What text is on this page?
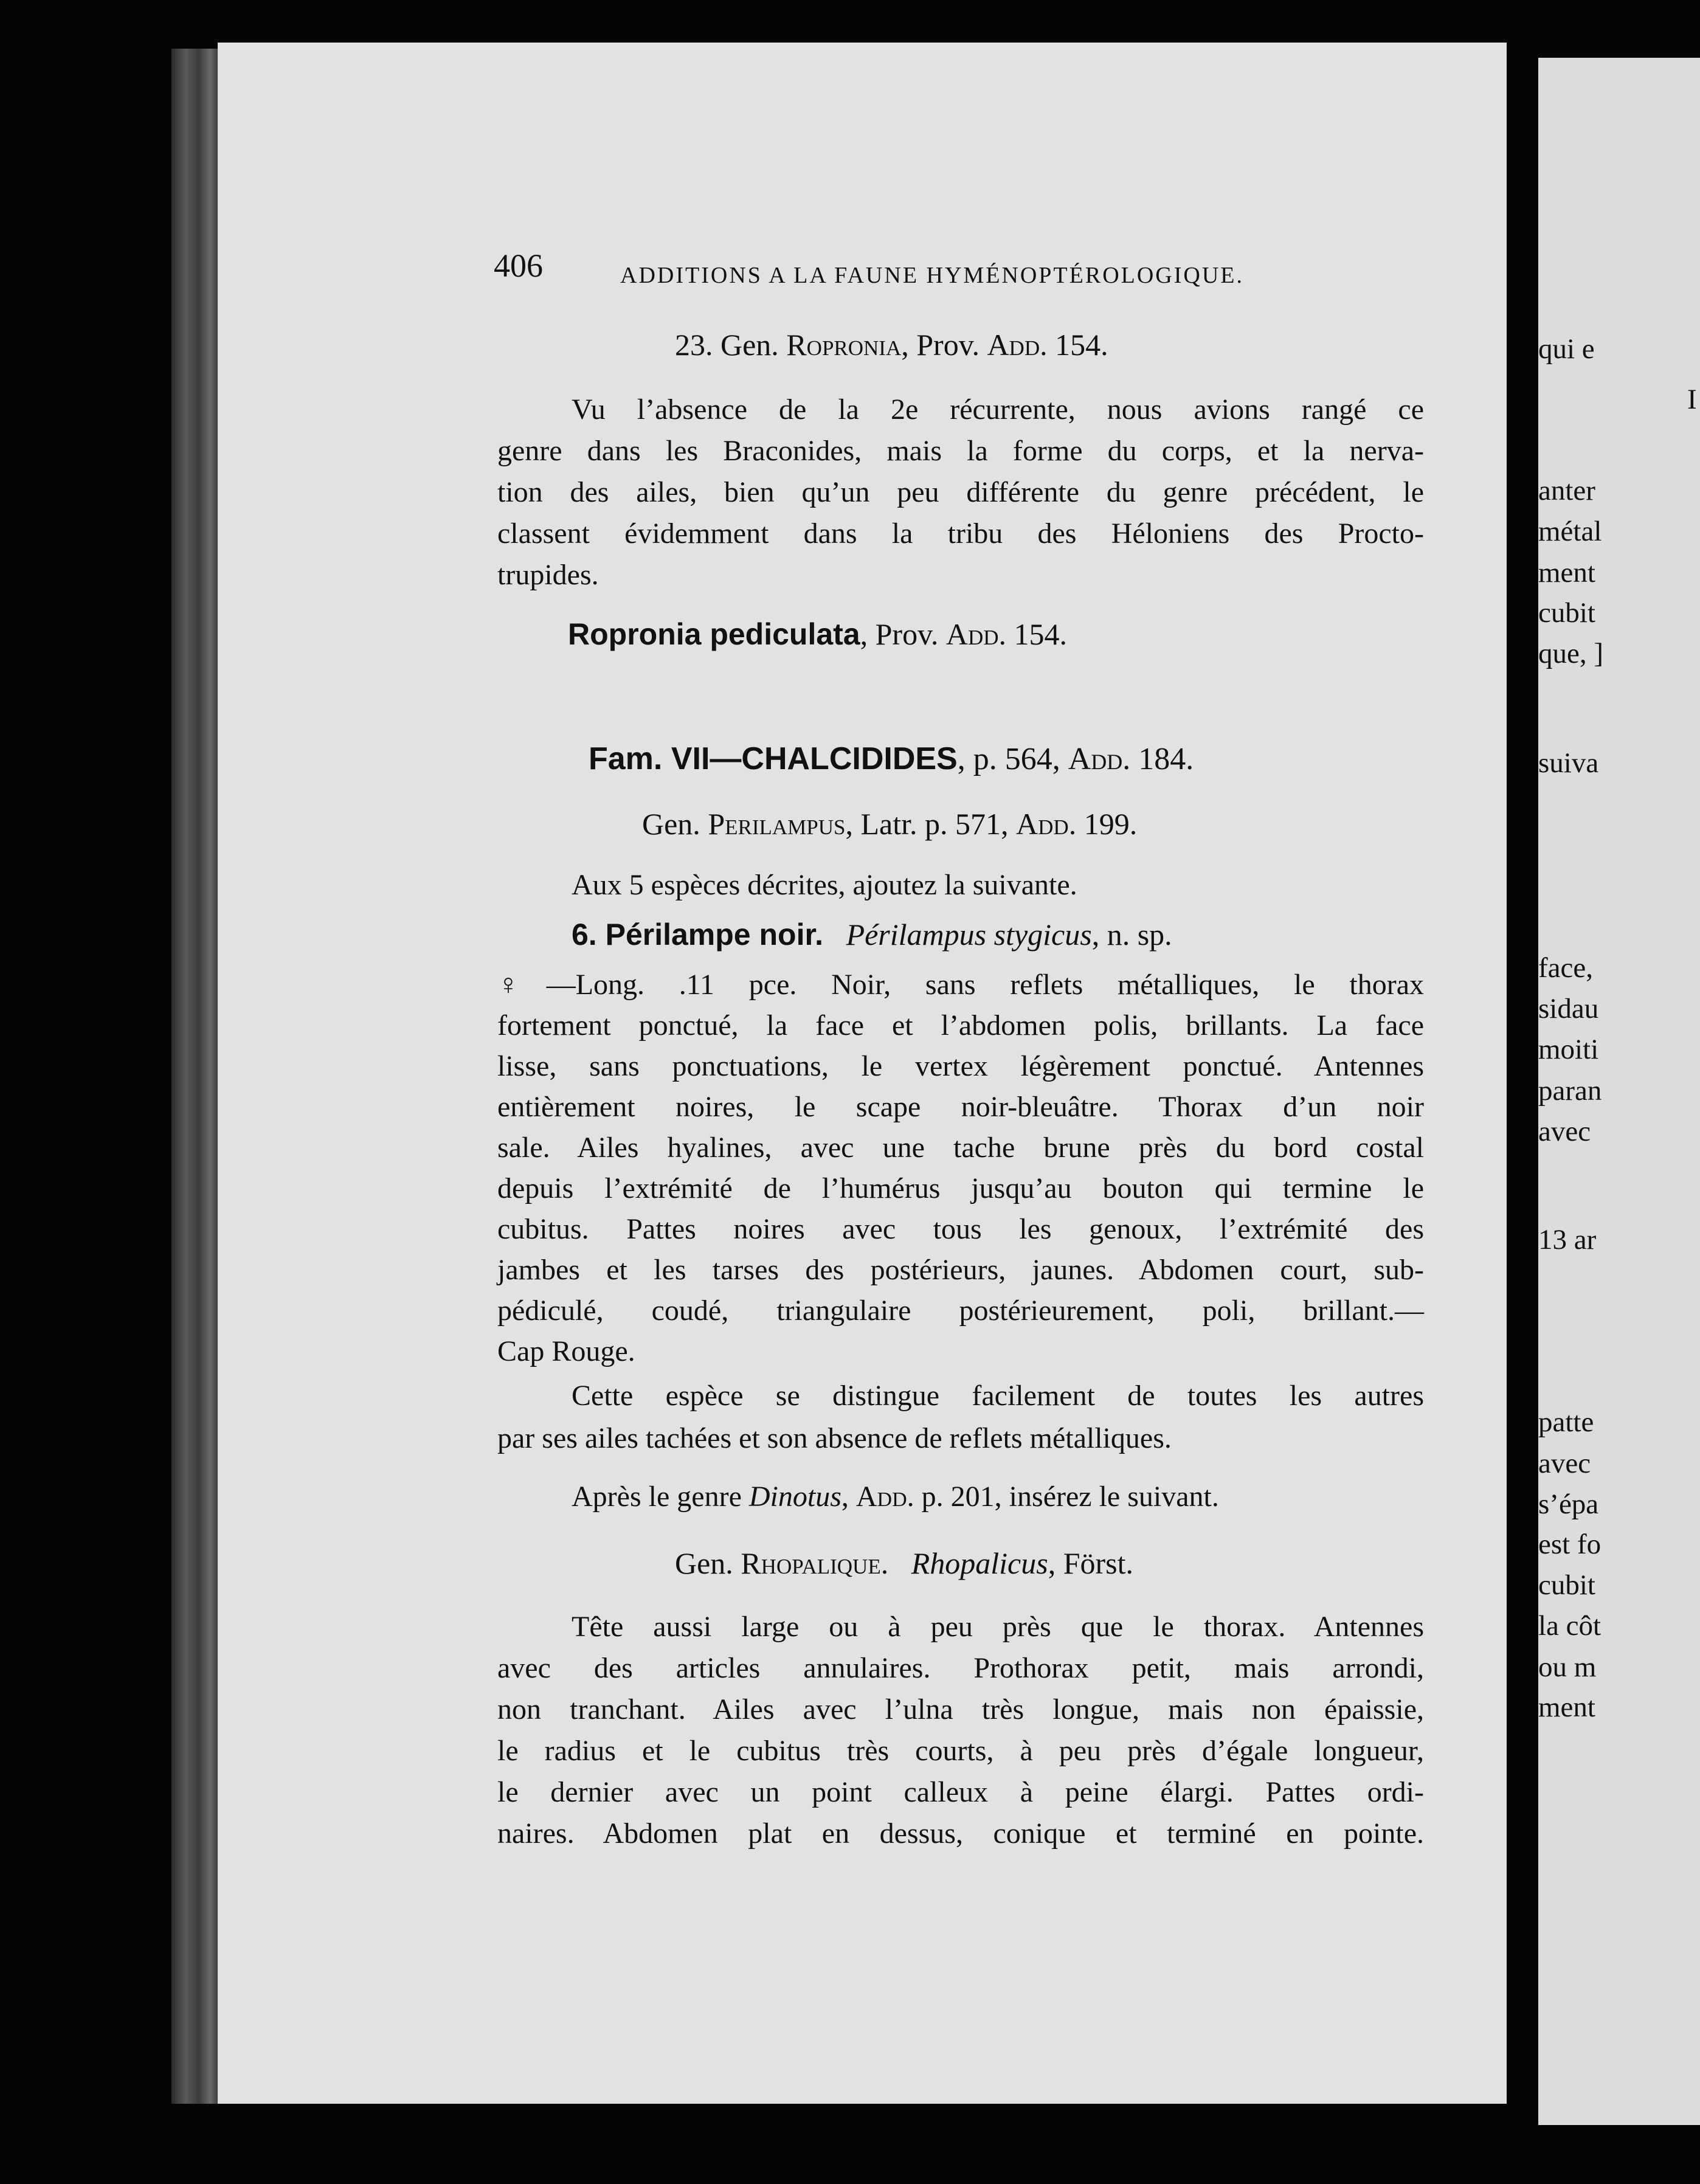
qui e
I
anter
métal
ment
cubit
que, ]
suiva
face,
sidau
moiti
paran
avec
13 ar
patte
avec
s’épa
est fo
cubit
la côt
ou m
ment
406	ADDITIONS A LA FAUNE HYMÉNOPTÉROLOGIQUE.
23. Gen. Ropronia, Prov. Add. 154.
Vu l’absence de la 2e récurrente, nous avions rangé ce
genre dans les Braconides, mais la forme du corps, et la nerva-
tion des ailes, bien qu’un peu différente du genre précédent, le
classent évidemment dans la tribu des Héloniens des Procto-
trupides.
Ropronia pediculata, Prov. Add. 154.
Fam. VII—CHALCIDIDES, p. 564, Add. 184.
Gen. Perilampus, Latr. p. 571, Add. 199.
Aux 5 espèces décrites, ajoutez la suivante.
6. Périlampe noir. Périlampus stygicus, n. sp.
♀—Long. .11 pce. Noir, sans reflets métalliques, le thorax
fortement ponctué, la face et l’abdomen polis, brillants. La face
lisse, sans ponctuations, le vertex légèrement ponctué. Antennes
entièrement noires, le scape noir-bleuâtre. Thorax d’un noir
sale. Ailes hyalines, avec une tache brune près du bord costal
depuis l’extrémité de l’humérus jusqu’au bouton qui termine le
cubitus. Pattes noires avec tous les genoux, l’extrémité des
jambes et les tarses des postérieurs, jaunes. Abdomen court, sub-
pédiculé, coudé, triangulaire postérieurement, poli, brillant.—
Cap Rouge.
Cette espèce se distingue facilement de toutes les autres
par ses ailes tachées et son absence de reflets métalliques.
Après le genre Dinotus, Add. p. 201, insérez le suivant.
Gen. Rhopalique. Rhopalicus, Först.
Tête aussi large ou à peu près que le thorax. Antennes
avec des articles annulaires. Prothorax petit, mais arrondi,
non tranchant. Ailes avec l’ulna très longue, mais non épaissie,
le radius et le cubitus très courts, à peu près d’égale longueur,
le dernier avec un point calleux à peine élargi. Pattes ordi-
naires. Abdomen plat en dessus, conique et terminé en pointe.
